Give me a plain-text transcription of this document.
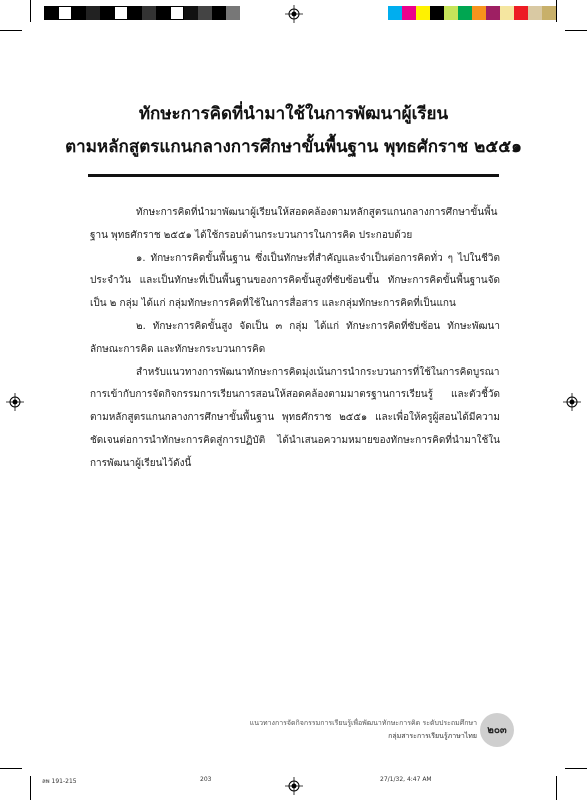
ทักษะการคิดที่นำมาใช้ในการพัฒนาผู้เรียน
ตามหลักสูตรแกนกลางการศึกษาขั้นพื้นฐาน พุทธศักราช ๒๕๕๑

ทักษะการคิดที่นำมาพัฒนาผู้เรียนให้สอดคล้องตามหลักสูตรแกนกลางการศึกษาขั้นพื้นฐาน พุทธศักราช ๒๕๕๑ ได้ใช้กรอบด้านกระบวนการในการคิด ประกอบด้วย

๑. ทักษะการคิดขั้นพื้นฐาน ซึ่งเป็นทักษะที่สำคัญและจำเป็นต่อการคิดทั่ว ๆ ไปในชีวิตประจำวัน และเป็นทักษะที่เป็นพื้นฐานของการคิดขั้นสูงที่ซับซ้อนขึ้น ทักษะการคิดขั้นพื้นฐานจัดเป็น ๒ กลุ่ม ได้แก่ กลุ่มทักษะการคิดที่ใช้ในการสื่อสาร และกลุ่มทักษะการคิดที่เป็นแกน

๒. ทักษะการคิดขั้นสูง จัดเป็น ๓ กลุ่ม ได้แก่ ทักษะการคิดที่ซับซ้อน ทักษะพัฒนาลักษณะการคิด และทักษะกระบวนการคิด

สำหรับแนวทางการพัฒนาทักษะการคิดมุ่งเน้นการนำกระบวนการที่ใช้ในการคิดบูรณาการเข้ากับการจัดกิจกรรมการเรียนการสอนให้สอดคล้องตามมาตรฐานการเรียนรู้ และตัวชี้วัดตามหลักสูตรแกนกลางการศึกษาขั้นพื้นฐาน พุทธศักราช ๒๕๕๑ และเพื่อให้ครูผู้สอนได้มีความชัดเจนต่อการนำทักษะการคิดสู่การปฏิบัติ ได้นำเสนอความหมายของทักษะการคิดที่นำมาใช้ในการพัฒนาผู้เรียนไว้ดังนี้

แนวทางการจัดกิจกรรมการเรียนรู้เพื่อพัฒนาทักษะการคิด ระดับประถมศึกษา
กลุ่มสาระการเรียนรู้ภาษาไทย
๒๐๓
ลพ 191-215	203	27/1/32, 4:47 AM
